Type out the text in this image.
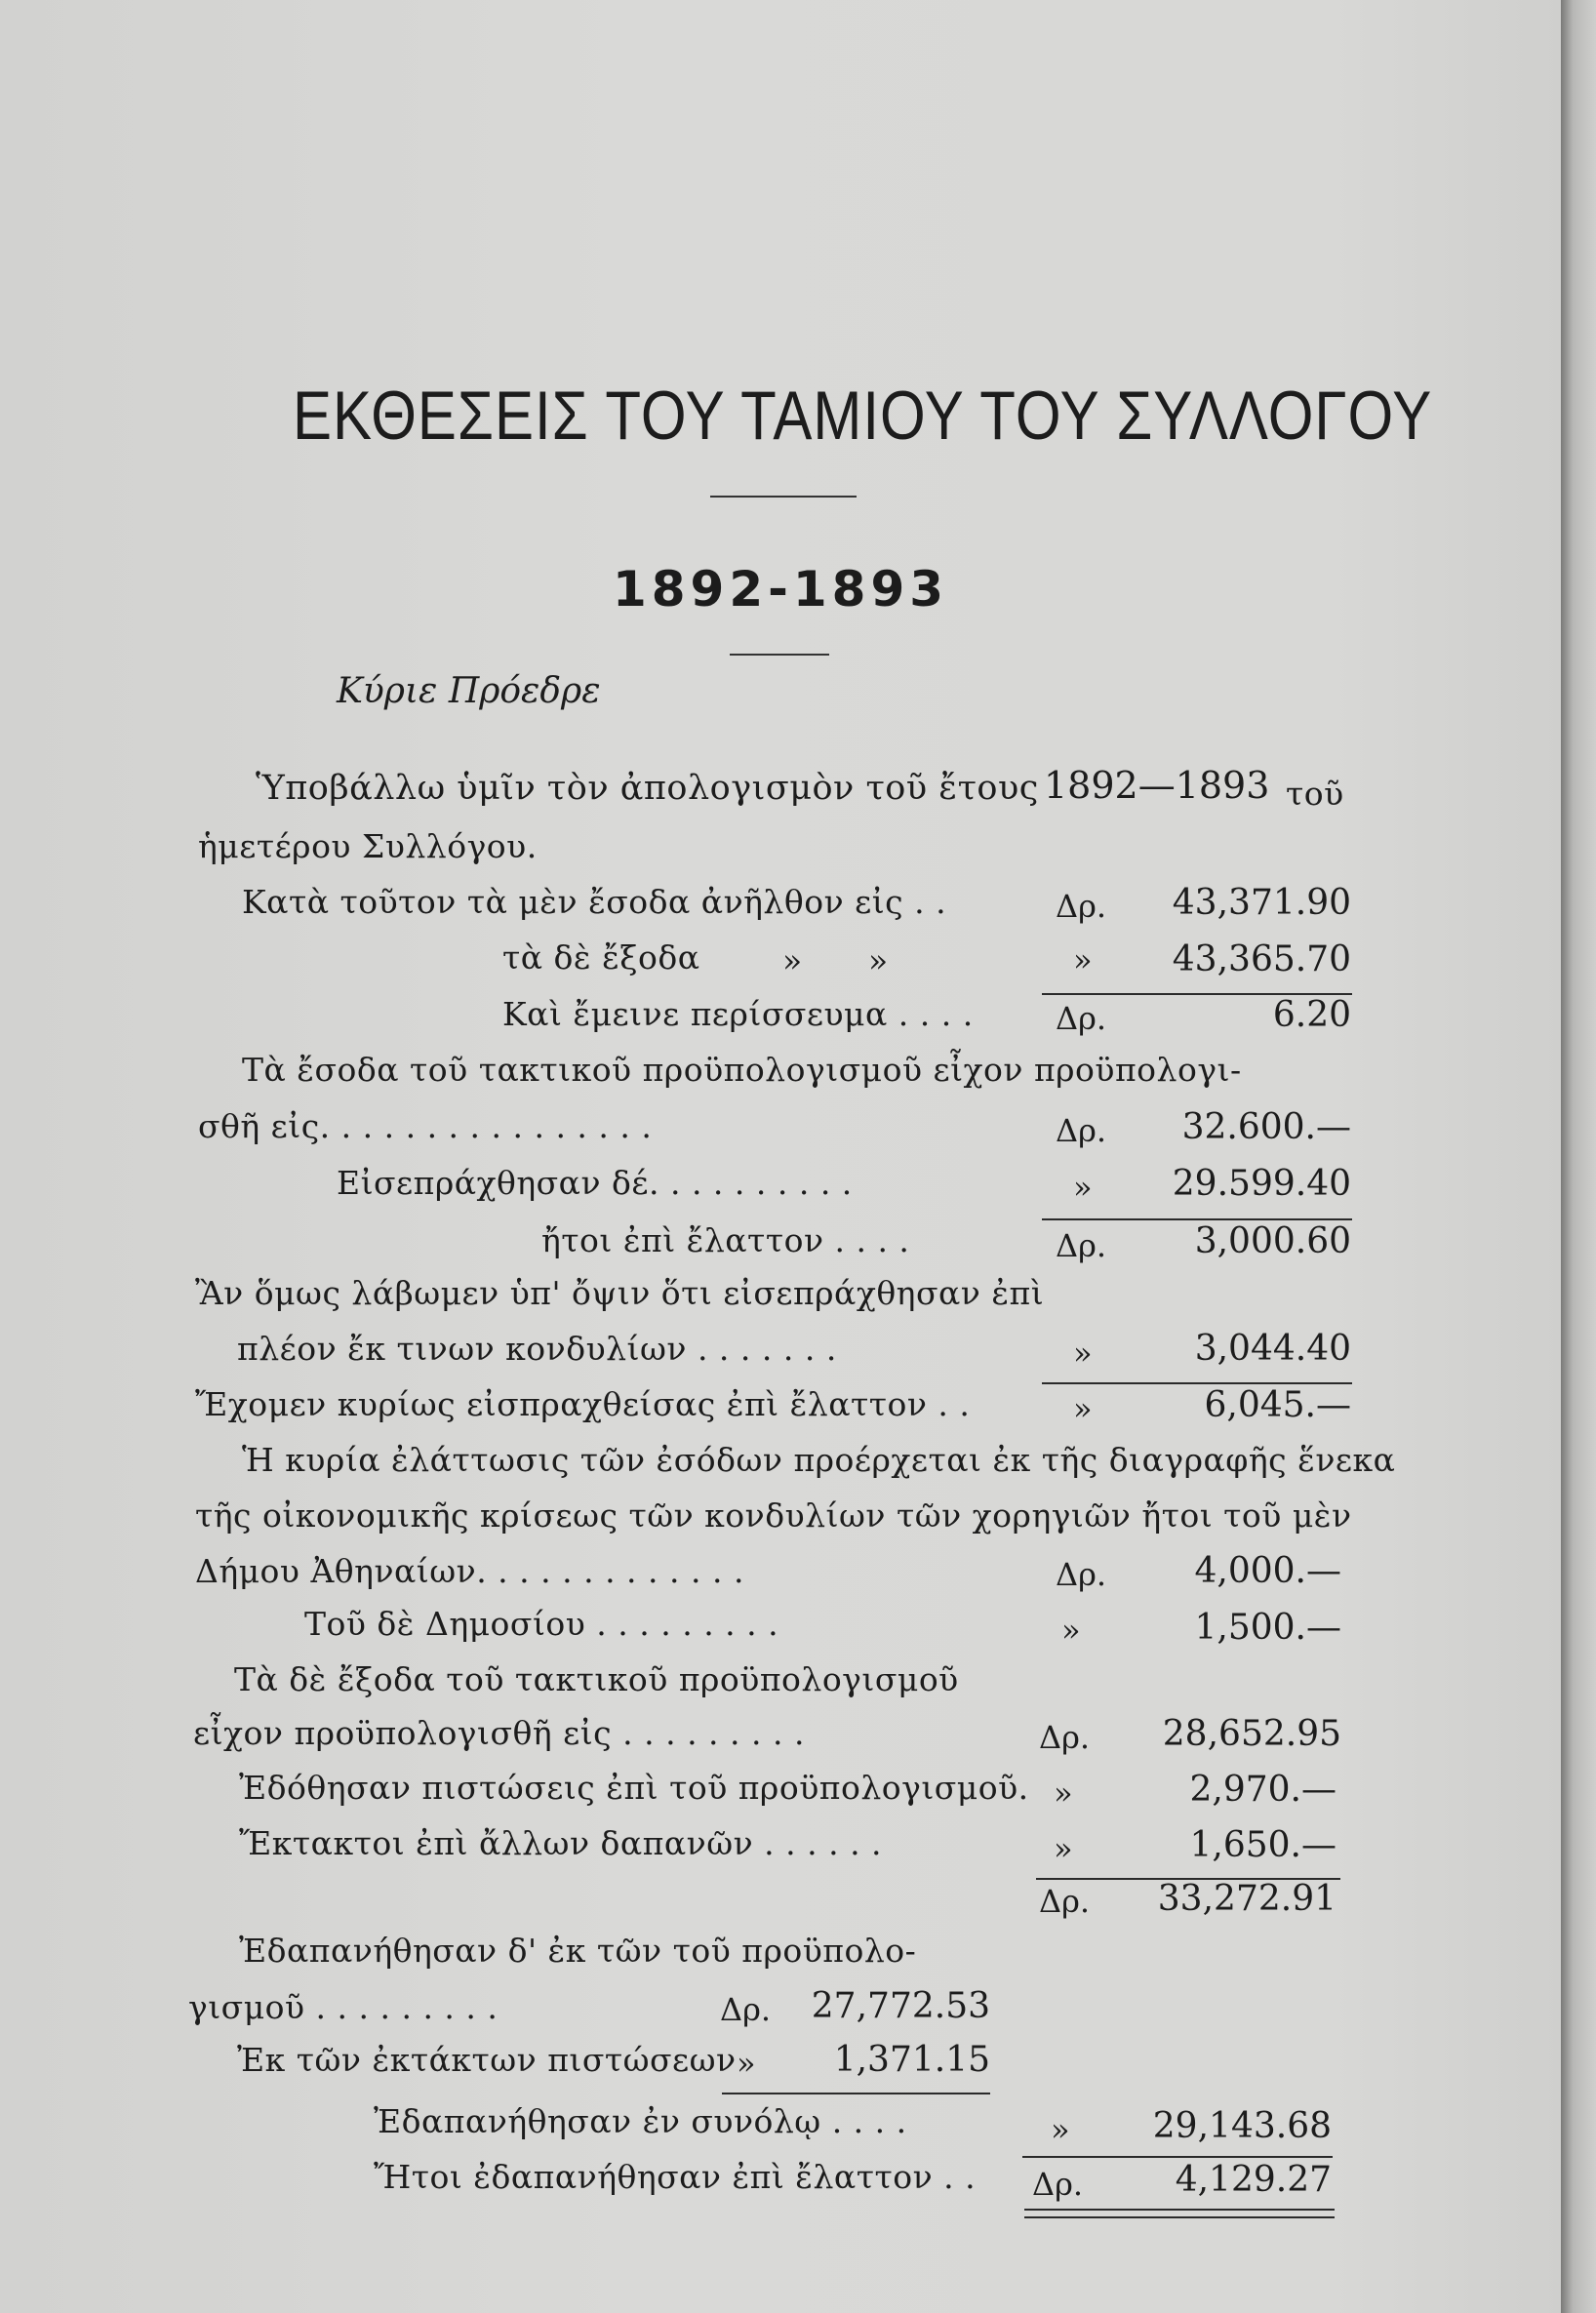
ΕΚΘΕΣΕΙΣ ΤΟΥ ΤΑΜΙΟΥ ΤΟΥ ΣΥΛΛΟΓΟΥ
1892-1893
Κύριε Πρόεδρε
Ὑποβάλλω ὑμῖν τὸν ἀπολογισμὸν τοῦ ἔτους 1892—1893 τοῦ
ἡμετέρου Συλλόγου.
Κατὰ τοῦτον τὰ μὲν ἔσοδα ἀνῆλθον εἰς . .	Δρ.	43,371.90
τὰ δὲ ἔξοδα	» »	»	43,365.70
Καὶ ἔμεινε περίσσευμα . . . .	Δρ.	6.20
Τὰ ἔσοδα τοῦ τακτικοῦ προϋπολογισμοῦ εἶχον προϋπολογι-
σθῆ εἰς. . . . . . . . . . . . . . . .	Δρ.	32.600.—
Εἰσεπράχθησαν δέ. . . . . . . . . .	»	29.599.40
ἤτοι ἐπὶ ἔλαττον . . . .	Δρ.	3,000.60
Ἂν ὅμως λάβωμεν ὑπ' ὄψιν ὅτι εἰσεπράχθησαν ἐπὶ
πλέον ἔκ τινων κονδυλίων . . . . . . .	»	3,044.40
Ἔχομεν κυρίως εἰσπραχθείσας ἐπὶ ἔλαττον . .	»	6,045.—
Ἡ κυρία ἐλάττωσις τῶν ἐσόδων προέρχεται ἐκ τῆς διαγραφῆς ἕνεκα
τῆς οἰκονομικῆς κρίσεως τῶν κονδυλίων τῶν χορηγιῶν ἤτοι τοῦ μὲν
Δήμου Ἀθηναίων. . . . . . . . . . . . .	Δρ.	4,000.—
Τοῦ δὲ Δημοσίου . . . . . . . . .	»	1,500.—
Τὰ δὲ ἔξοδα τοῦ τακτικοῦ προϋπολογισμοῦ
εἶχον προϋπολογισθῆ εἰς . . . . . . . . .	Δρ.	28,652.95
Ἐδόθησαν πιστώσεις ἐπὶ τοῦ προϋπολογισμοῦ. »	2,970.—
Ἔκτακτοι ἐπὶ ἄλλων δαπανῶν . . . . . .	»	1,650.—
Δρ.	33,272.91
Ἐδαπανήθησαν δ' ἐκ τῶν τοῦ προϋπολο-
γισμοῦ . . . . . . . . .	Δρ.	27,772.53
Ἐκ τῶν ἐκτάκτων πιστώσεων »	1,371.15
Ἐδαπανήθησαν ἐν συνόλῳ . . . .	»	29,143.68
Ἤτοι ἐδαπανήθησαν ἐπὶ ἔλαττον . . Δρ.	4,129.27
